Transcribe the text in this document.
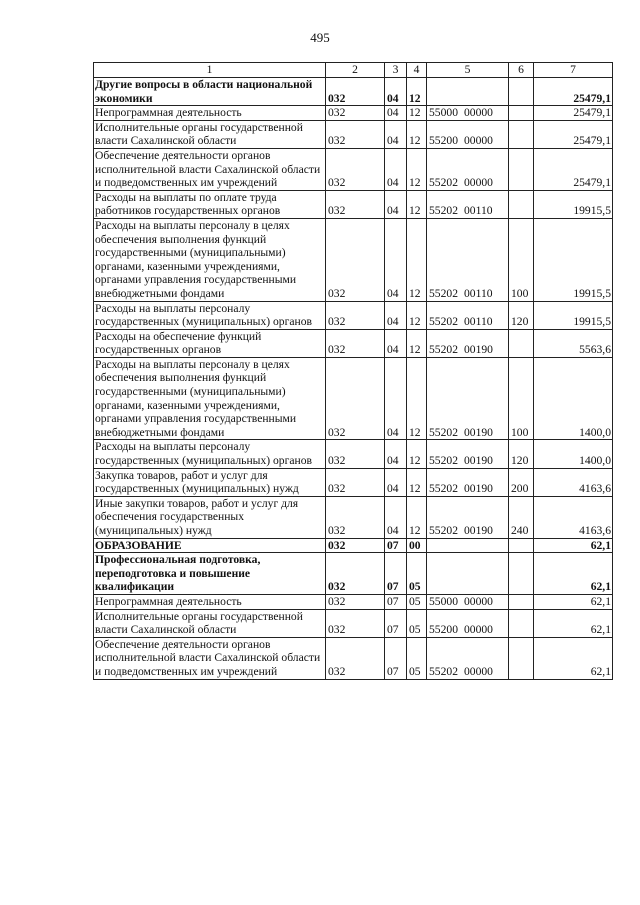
495
1	2	3	4	5	6	7
Другие вопросы в области национальной экономики	032	04	12			25479,1
Непрограммная деятельность	032	04	12	55000 00000		25479,1
Исполнительные органы государственной власти Сахалинской области	032	04	12	55200 00000		25479,1
Обеспечение деятельности органов исполнительной власти Сахалинской области и подведомственных им учреждений	032	04	12	55202 00000		25479,1
Расходы на выплаты по оплате труда работников государственных органов	032	04	12	55202 00110		19915,5
Расходы на выплаты персоналу в целях обеспечения выполнения функций государственными (муниципальными) органами, казенными учреждениями, органами управления государственными внебюджетными фондами	032	04	12	55202 00110	100	19915,5
Расходы на выплаты персоналу государственных (муниципальных) органов	032	04	12	55202 00110	120	19915,5
Расходы на обеспечение функций государственных органов	032	04	12	55202 00190		5563,6
Расходы на выплаты персоналу в целях обеспечения выполнения функций государственными (муниципальными) органами, казенными учреждениями, органами управления государственными внебюджетными фондами	032	04	12	55202 00190	100	1400,0
Расходы на выплаты персоналу государственных (муниципальных) органов	032	04	12	55202 00190	120	1400,0
Закупка товаров, работ и услуг для государственных (муниципальных) нужд	032	04	12	55202 00190	200	4163,6
Иные закупки товаров, работ и услуг для обеспечения государственных (муниципальных) нужд	032	04	12	55202 00190	240	4163,6
ОБРАЗОВАНИЕ	032	07	00			62,1
Профессиональная подготовка, переподготовка и повышение квалификации	032	07	05			62,1
Непрограммная деятельность	032	07	05	55000 00000		62,1
Исполнительные органы государственной власти Сахалинской области	032	07	05	55200 00000		62,1
Обеспечение деятельности органов исполнительной власти Сахалинской области и подведомственных им учреждений	032	07	05	55202 00000		62,1
